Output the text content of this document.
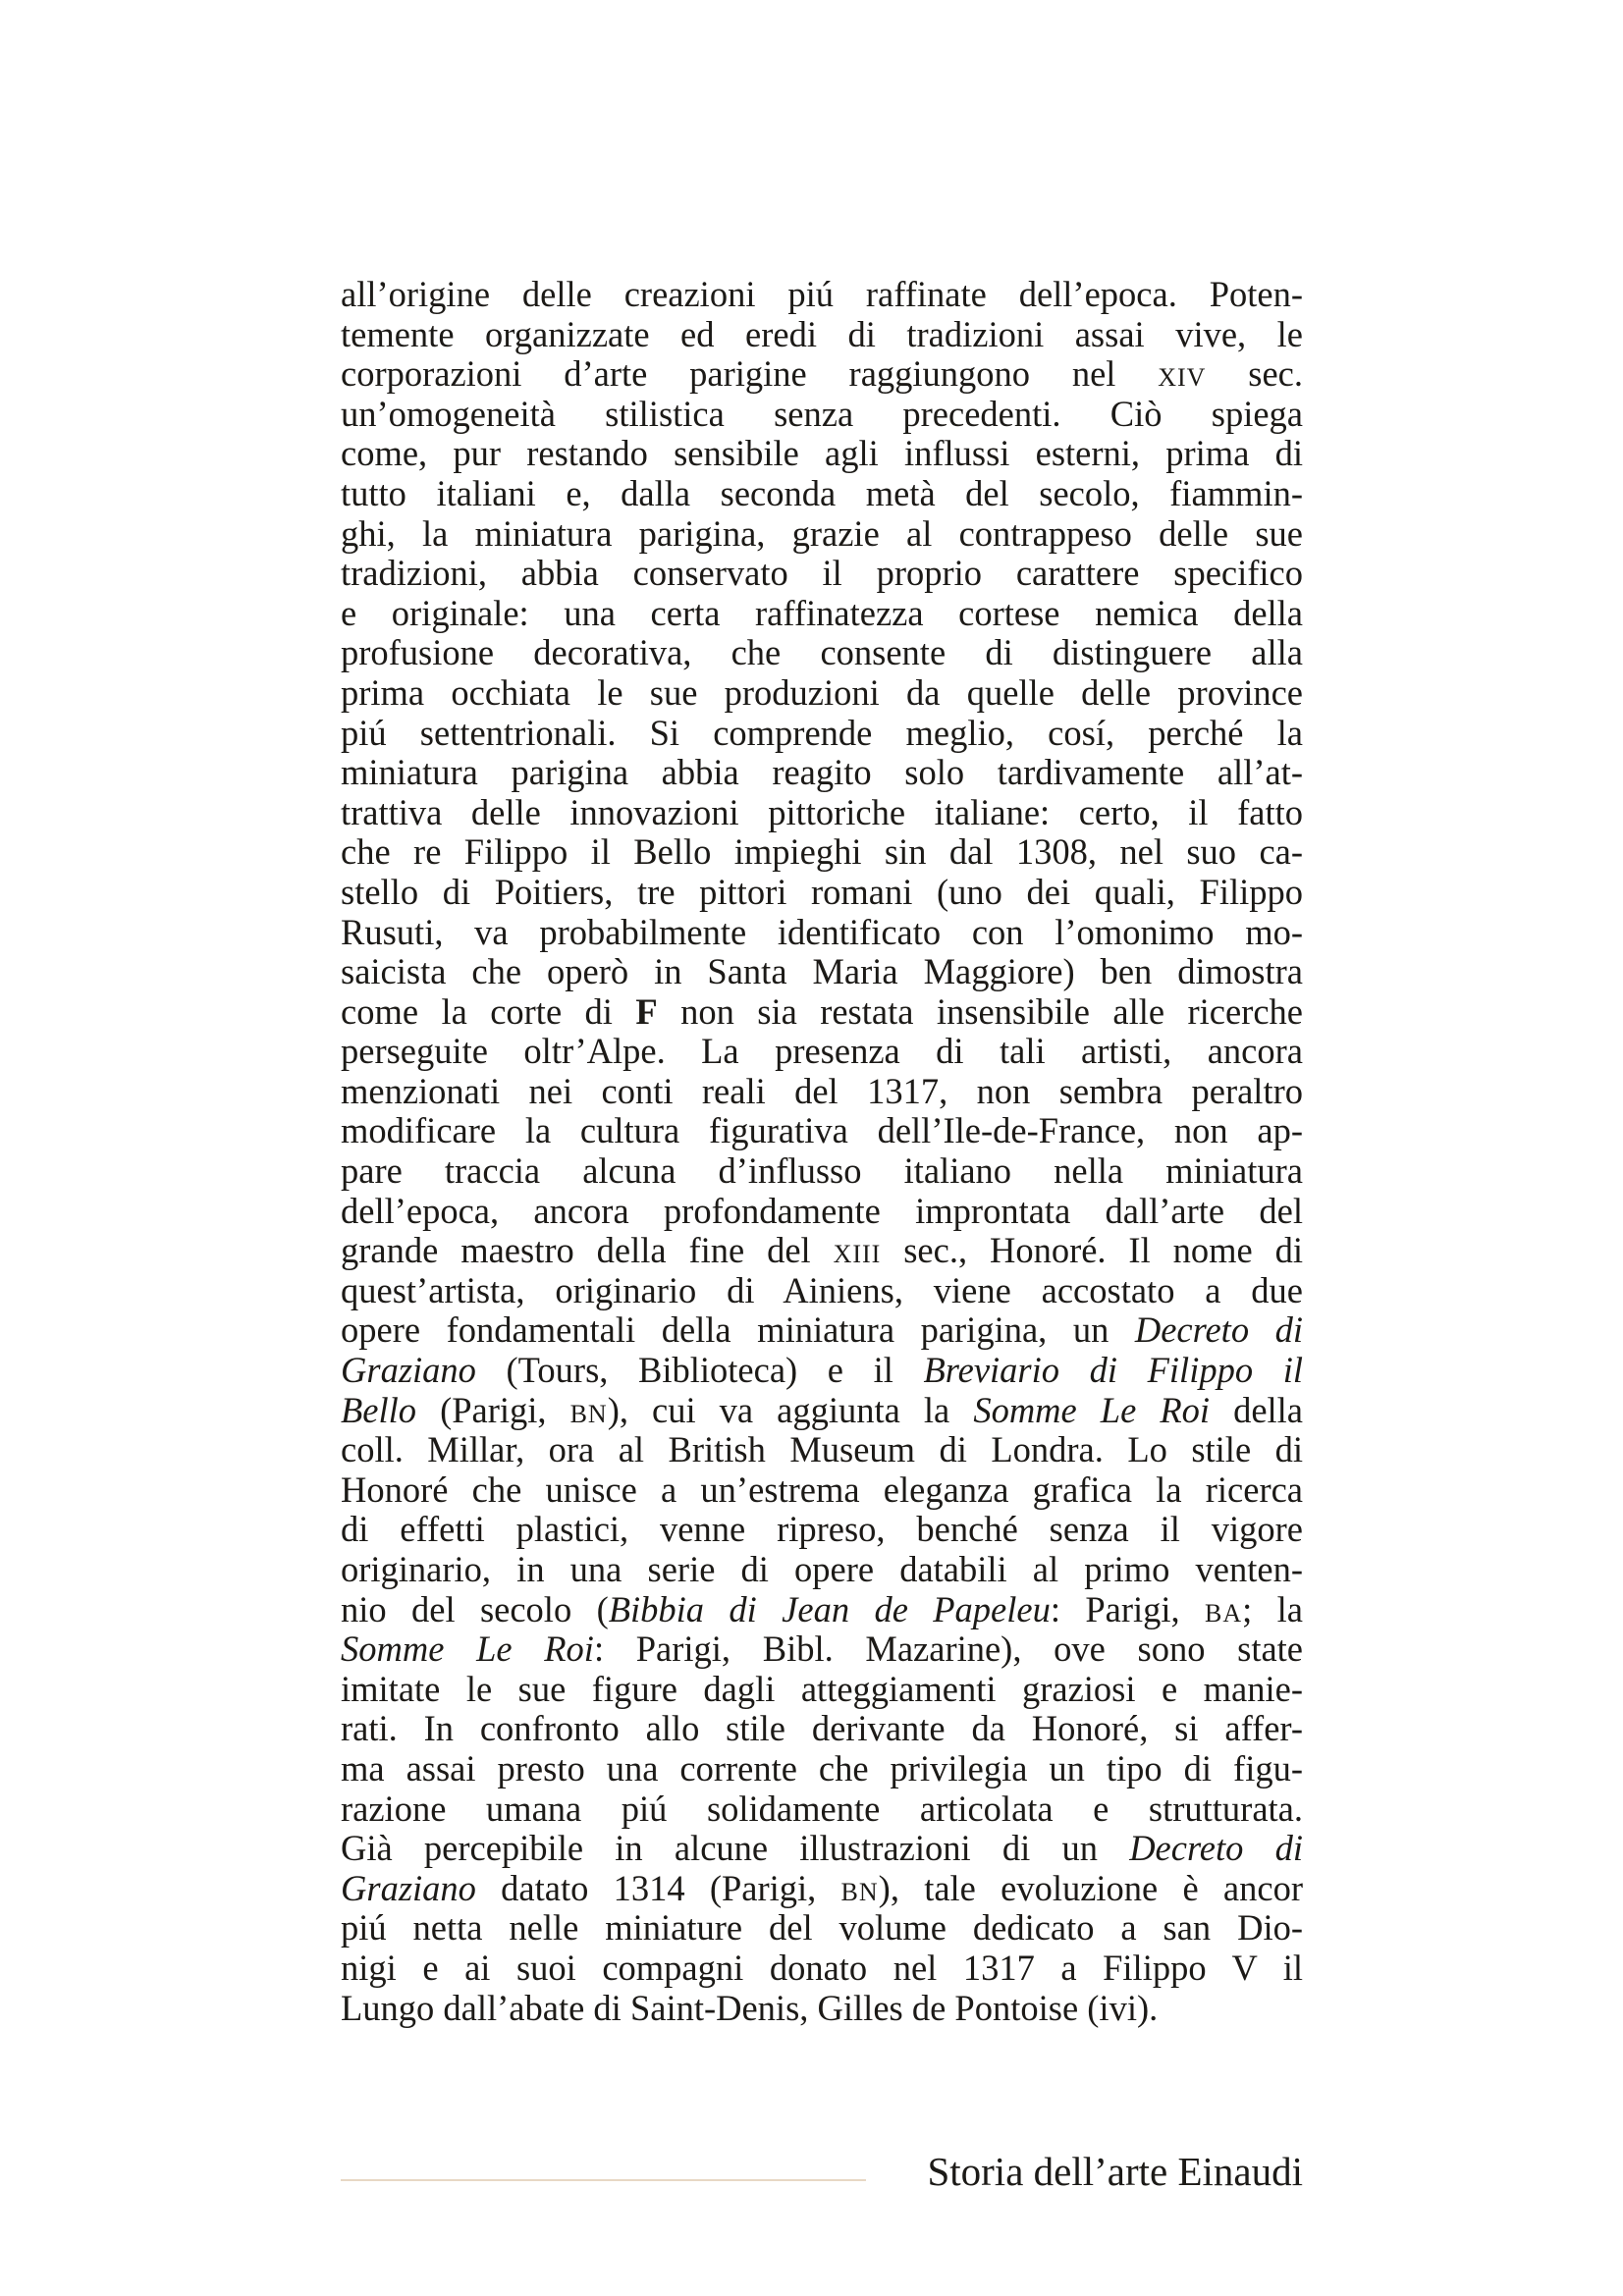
all’origine delle creazioni piú raffinate dell’epoca. Poten-
temente organizzate ed eredi di tradizioni assai vive, le
corporazioni d’arte parigine raggiungono nel xiv sec.
un’omogeneità stilistica senza precedenti. Ciò spiega
come, pur restando sensibile agli influssi esterni, prima di
tutto italiani e, dalla seconda metà del secolo, fiammin-
ghi, la miniatura parigina, grazie al contrappeso delle sue
tradizioni, abbia conservato il proprio carattere specifico
e originale: una certa raffinatezza cortese nemica della
profusione decorativa, che consente di distinguere alla
prima occhiata le sue produzioni da quelle delle province
piú settentrionali. Si comprende meglio, cosí, perché la
miniatura parigina abbia reagito solo tardivamente all’at-
trattiva delle innovazioni pittoriche italiane: certo, il fatto
che re Filippo il Bello impieghi sin dal 1308, nel suo ca-
stello di Poitiers, tre pittori romani (uno dei quali, Filippo
Rusuti, va probabilmente identificato con l’omonimo mo-
saicista che operò in Santa Maria Maggiore) ben dimostra
come la corte di F non sia restata insensibile alle ricerche
perseguite oltr’Alpe. La presenza di tali artisti, ancora
menzionati nei conti reali del 1317, non sembra peraltro
modificare la cultura figurativa dell’Ile-de-France, non ap-
pare traccia alcuna d’influsso italiano nella miniatura
dell’epoca, ancora profondamente improntata dall’arte del
grande maestro della fine del xiii sec., Honoré. Il nome di
quest’artista, originario di Ainiens, viene accostato a due
opere fondamentali della miniatura parigina, un Decreto di
Graziano (Tours, Biblioteca) e il Breviario di Filippo il
Bello (Parigi, bn), cui va aggiunta la Somme Le Roi della
coll. Millar, ora al British Museum di Londra. Lo stile di
Honoré che unisce a un’estrema eleganza grafica la ricerca
di effetti plastici, venne ripreso, benché senza il vigore
originario, in una serie di opere databili al primo venten-
nio del secolo (Bibbia di Jean de Papeleu: Parigi, ba; la
Somme Le Roi: Parigi, Bibl. Mazarine), ove sono state
imitate le sue figure dagli atteggiamenti graziosi e manie-
rati. In confronto allo stile derivante da Honoré, si affer-
ma assai presto una corrente che privilegia un tipo di figu-
razione umana piú solidamente articolata e strutturata.
Già percepibile in alcune illustrazioni di un Decreto di
Graziano datato 1314 (Parigi, bn), tale evoluzione è ancor
piú netta nelle miniature del volume dedicato a san Dio-
nigi e ai suoi compagni donato nel 1317 a Filippo V il
Lungo dall’abate di Saint-Denis, Gilles de Pontoise (ivi).
Storia dell’arte Einaudi
